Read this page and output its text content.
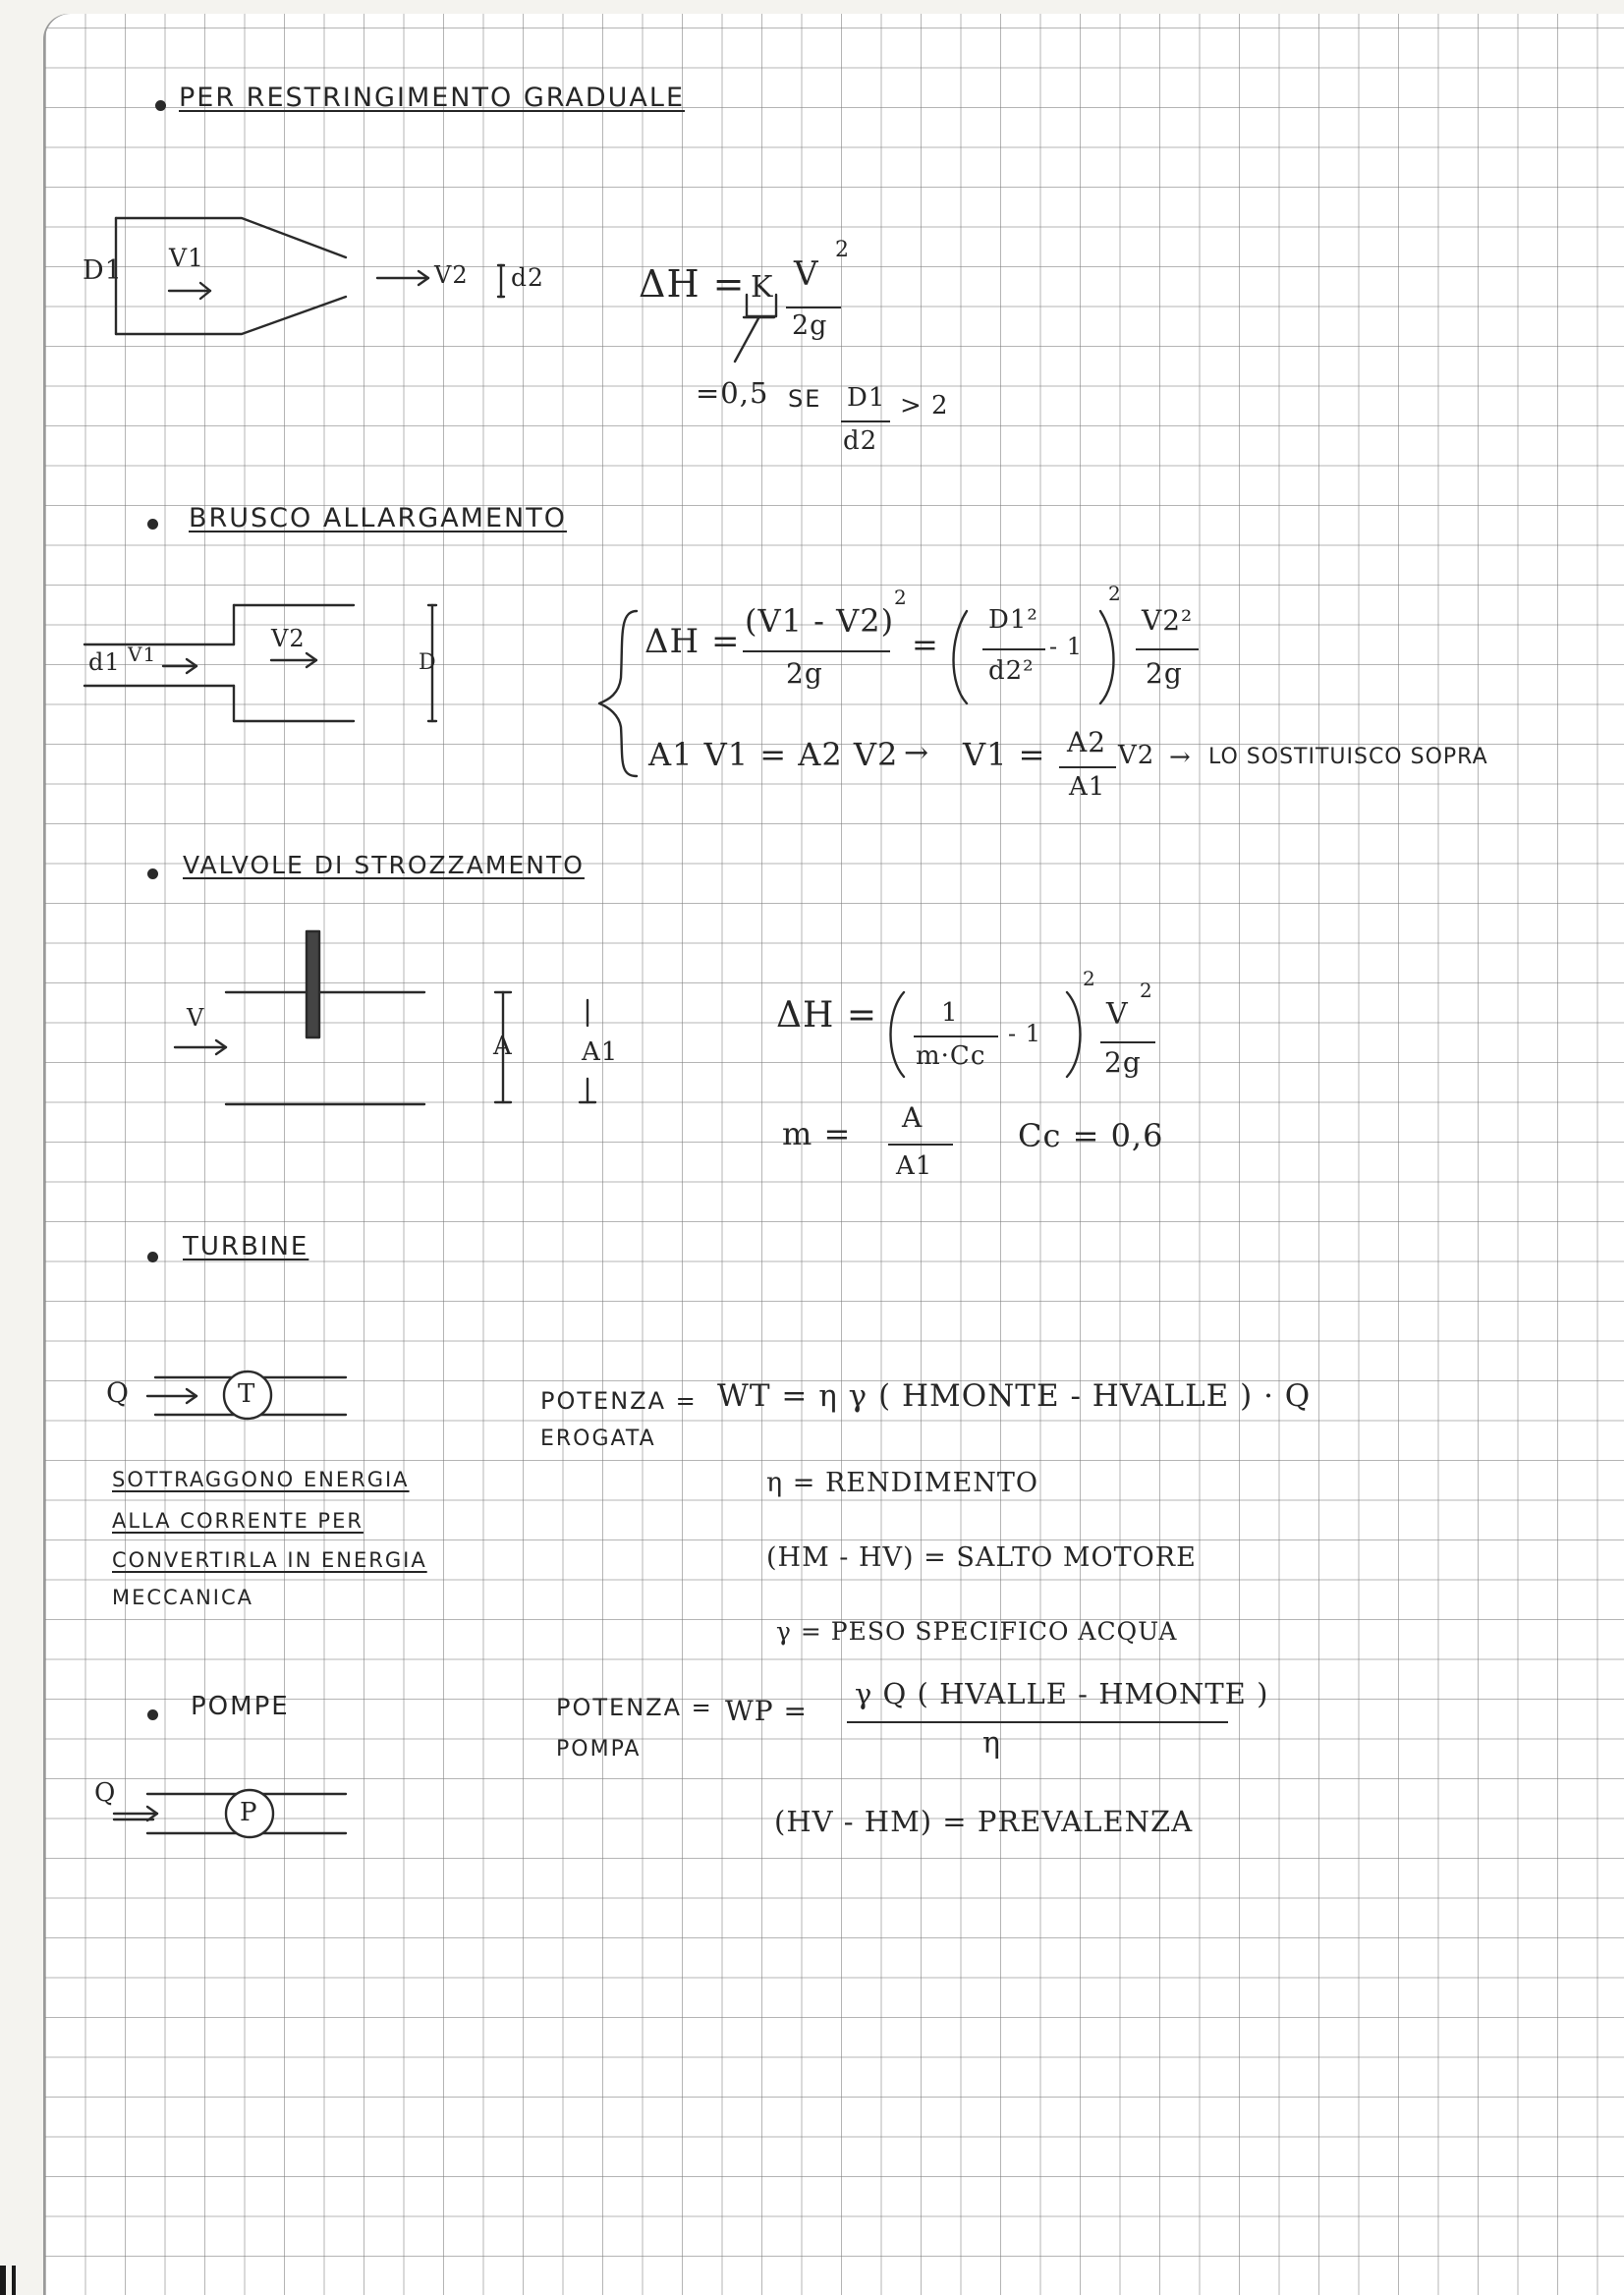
PER RESTRINGIMENTO GRADUALE
D1 V1
V2 d2	ΔH = K V
2
2g
=0,5 SE D1
d2
> 2
BRUSCO ALLARGAMENTO
d1 V1
V2
D
ΔH =
(V1 - V2)
2
2g
=
D1²
d2²
- 1
2
V2²
2g
A1 V1 = A2 V2 → V1 = A2
A1
V2 → LO SOSTITUISCO SOPRA
VALVOLE DI STROZZAMENTO
V
A	A1
ΔH =	1
m·Cc
- 1
2
V
2
2g
m = A
A1
Cc = 0,6
TURBINE
Q	T	POTENZA =
EROGATA
WT = η γ ( HMONTE - HVALLE ) · Q
SOTTRAGGONO ENERGIA
ALLA CORRENTE PER
CONVERTIRLA IN ENERGIA
MECCANICA
η = RENDIMENTO
(HM - HV) = SALTO MOTORE
γ = PESO SPECIFICO ACQUA
POMPE
Q
P
POTENZA =
POMPA
WP =
γ Q ( HVALLE - HMONTE )
η
(HV - HM) = PREVALENZA
